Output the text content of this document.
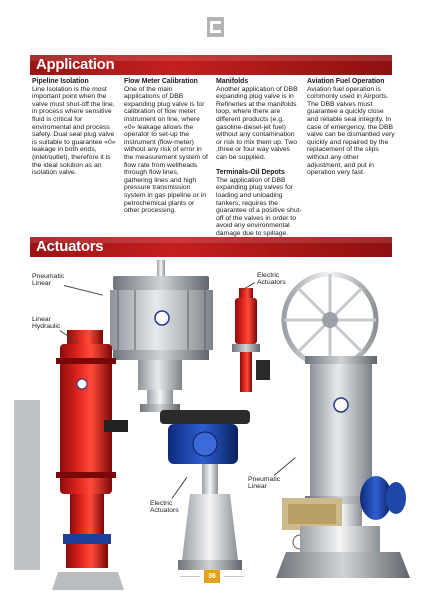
Application
Pipeline Isolation

Line Isolation is the most important point when the valve must shut-off the line, in process where sensitive fluid is critical for enviromental and process safety. Dual seal plug valve is suitable to guarantee «0» leakage in both ends, (inlet/outlet), therefore it is the ideal solution as an isolation valve.

Flow Meter Calibration

One of the main applications of DBB expanding plug valve is for calibration of flow meter instrument on line, where «0» leakage allows the operator to set-up the instrument (flow-meter) without any risk of error in the measurement system of flow rate from wellheads through flow lines, gathering lines and high pressure transmission system in gas pipeline or in petrochemical plants or other processing.

Manifolds

Another application of DBB expanding plug valve is in Refineries at the manifolds loop, where there are different products (e.g. gasoline-diesel-jet fuel) without any contamination or risk to mix them up. Two ,three or four way valves can be supplied.

Terminals-Oil Depots

The application of DBB expanding plug valves for loading and unloading tankers, requires the guarantee of a positive shut-off of the valves in order to avoid any environmental damage due to spillage.

Aviation Fuel Operation

Aviation fuel operation is commonly used in Airports. The DBB valves must guarantee a quickly close and reliable seal integrity. In case of emergency, the DBB valve can be dismantled very quickly and repaired by the replacement of the slips without any other adjustment, and put in operation very fast.

Actuators
Pneumatic
Linear
Linear
Hydraulic
Electric
Actuators
Pneumatic
Linear
Electric
Actuators
36
